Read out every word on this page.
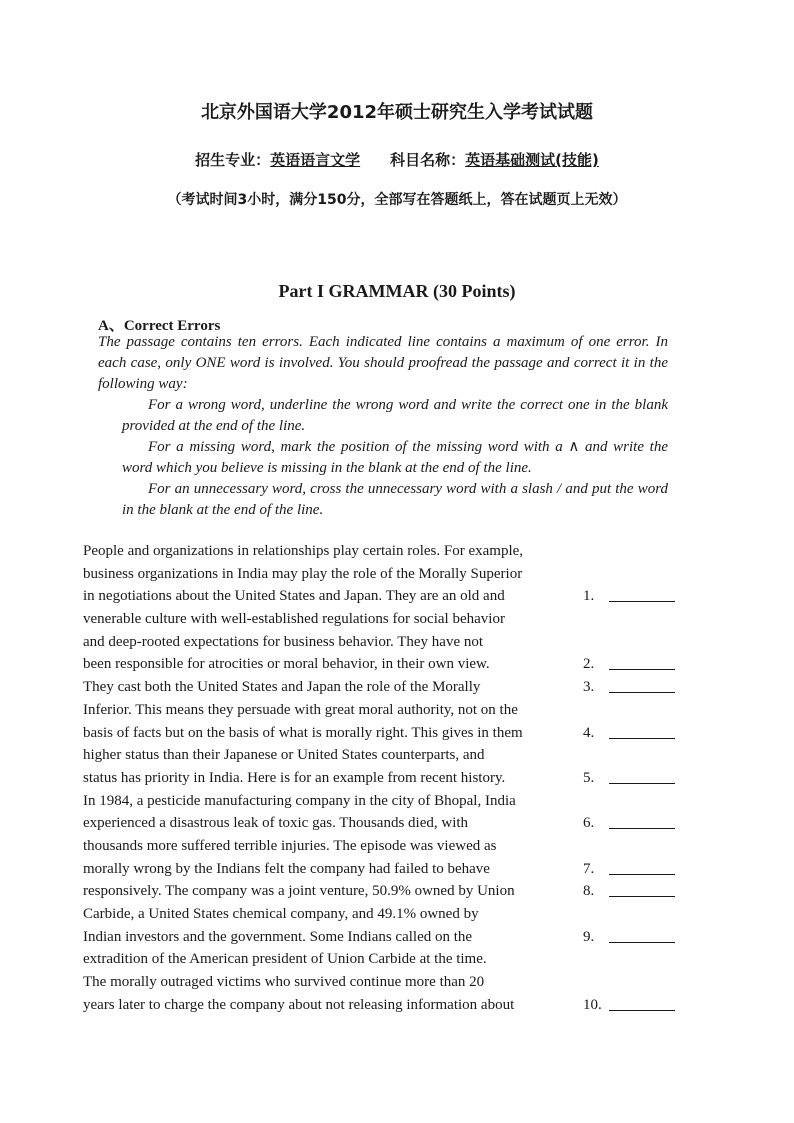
北京外国语大学2012年硕士研究生入学考试试题
招生专业：英语语言文学 科目名称：英语基础测试(技能)
（考试时间3小时，满分150分，全部写在答题纸上，答在试题页上无效）
Part I GRAMMAR (30 Points)
A、Correct Errors

The passage contains ten errors. Each indicated line contains a maximum of one error. In each case, only ONE word is involved. You should proofread the passage and correct it in the following way:

For a wrong word, underline the wrong word and write the correct one in the blank provided at the end of the line.

For a missing word, mark the position of the missing word with a ∧ and write the word which you believe is missing in the blank at the end of the line.

For an unnecessary word, cross the unnecessary word with a slash / and put the word in the blank at the end of the line.

People and organizations in relationships play certain roles. For example,
business organizations in India may play the role of the Morally Superior
in negotiations about the United States and Japan. They are an old and	1.
venerable culture with well-established regulations for social behavior
and deep-rooted expectations for business behavior. They have not
been responsible for atrocities or moral behavior, in their own view.	2.
They cast both the United States and Japan the role of the Morally	3.
Inferior. This means they persuade with great moral authority, not on the
basis of facts but on the basis of what is morally right. This gives in them	4.
higher status than their Japanese or United States counterparts, and
status has priority in India. Here is for an example from recent history.	5.
In 1984, a pesticide manufacturing company in the city of Bhopal, India
experienced a disastrous leak of toxic gas. Thousands died, with	6.
thousands more suffered terrible injuries. The episode was viewed as
morally wrong by the Indians felt the company had failed to behave	7.
responsively. The company was a joint venture, 50.9% owned by Union	8.
Carbide, a United States chemical company, and 49.1% owned by
Indian investors and the government. Some Indians called on the	9.
extradition of the American president of Union Carbide at the time.
The morally outraged victims who survived continue more than 20
years later to charge the company about not releasing information about	10.
